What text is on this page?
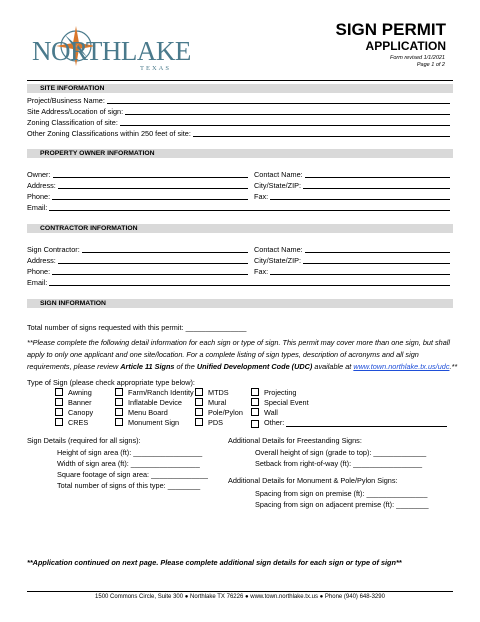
NORTHLAKE
TEXAS
SIGN PERMIT
APPLICATION
Form revised 1/1/2021
Page 1 of 2
SITE INFORMATION
Project/Business Name:
Site Address/Location of sign:
Zoning Classification of site:
Other Zoning Classifications within 250 feet of site:
PROPERTY OWNER INFORMATION
Owner:
Address:
Phone:
Contact Name:
City/State/ZIP:
Fax:
Email:
CONTRACTOR INFORMATION
Sign Contractor:
Address:
Phone:
Contact Name:
City/State/ZIP:
Fax:
Email:
SIGN INFORMATION
Total number of signs requested with this permit: _______________
**Please complete the following detail information for each sign or type of sign. This permit may cover more than one sign, but shall
apply to only one applicant and one site/location. For a complete listing of sign types, description of acronyms and all sign
requirements, please review Article 11 Signs of the Unified Development Code (UDC) available at www.town.northlake.tx.us/udc.**
Type of Sign (please check appropriate type below):
Awning
Banner
Canopy
CRES
Farm/Ranch Identity
Inflatable Device
Menu Board
Monument Sign
MTDS
Mural
Pole/Pylon
PDS
Projecting
Special Event
Wall
Other:
Sign Details (required for all signs):
Height of sign area (ft): _________________
Width of sign area (ft): _________________
Square footage of sign area: ______________
Total number of signs of this type: ________
Additional Details for Freestanding Signs:
Overall height of sign (grade to top): _____________
Setback from right-of-way (ft): _________________
Additional Details for Monument & Pole/Pylon Signs:
Spacing from sign on premise (ft): _______________
Spacing from sign on adjacent premise (ft): ________
**Application continued on next page. Please complete additional sign details for each sign or type of sign**
1500 Commons Circle, Suite 300 ● Northlake TX 76226 ● www.town.northlake.tx.us ● Phone (940) 648-3290
